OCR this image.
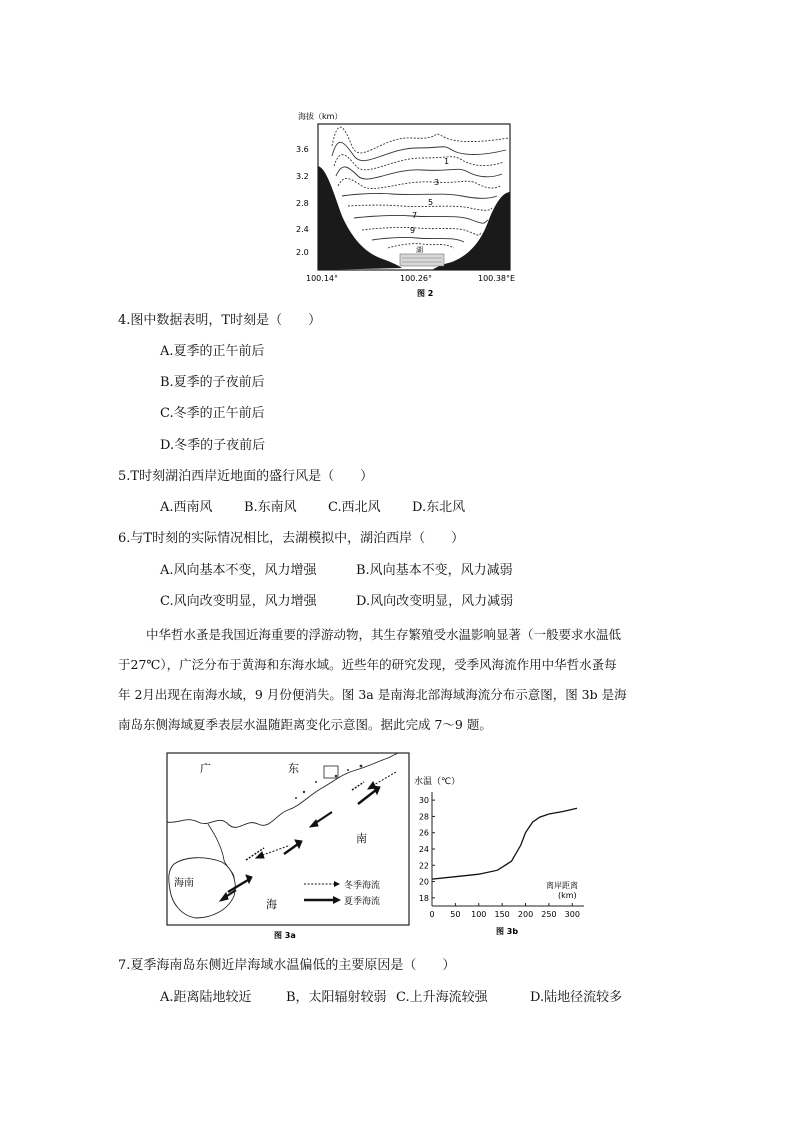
海拔（km）
3.6
3.2
2.8
2.4
2.0	湖
1
3
5
7
9
100.14°	100.26°	100.38°E
图 2
4.图中数据表明，T时刻是（　　）
A.夏季的正午前后
B.夏季的子夜前后
C.冬季的正午前后
D.冬季的子夜前后
5.T时刻湖泊西岸近地面的盛行风是（　　）
A.西南风 B.东南风 C.西北风 D.东北风
6.与T时刻的实际情况相比，去湖模拟中，湖泊西岸（　　）
A.风向基本不变，风力增强	B.风向基本不变，风力减弱
C.风向改变明显，风力增强	D.风向改变明显，风力减弱
中华哲水蚤是我国近海重要的浮游动物，其生存繁殖受水温影响显著（一般要求水温低
于27℃），广泛分布于黄海和东海水域。近些年的研究发现，受季风海流作用中华哲水蚤每
年 2月出现在南海水域，9 月份便消失。图 3a 是南海北部海域海流分布示意图，图 3b 是海
南岛东侧海域夏季表层水温随距离变化示意图。据此完成 7～9 题。
广	东
南
海南
海
冬季海流
夏季海流
图 3a
水温（℃）
18
20
22
24
26
28
30
0 50 100 150 200 250 300
离岸距离
(km)
图 3b
7.夏季海南岛东侧近岸海域水温偏低的主要原因是（　　）
A.距离陆地较近	B，太阳辐射较弱 C.上升海流较强	D.陆地径流较多
